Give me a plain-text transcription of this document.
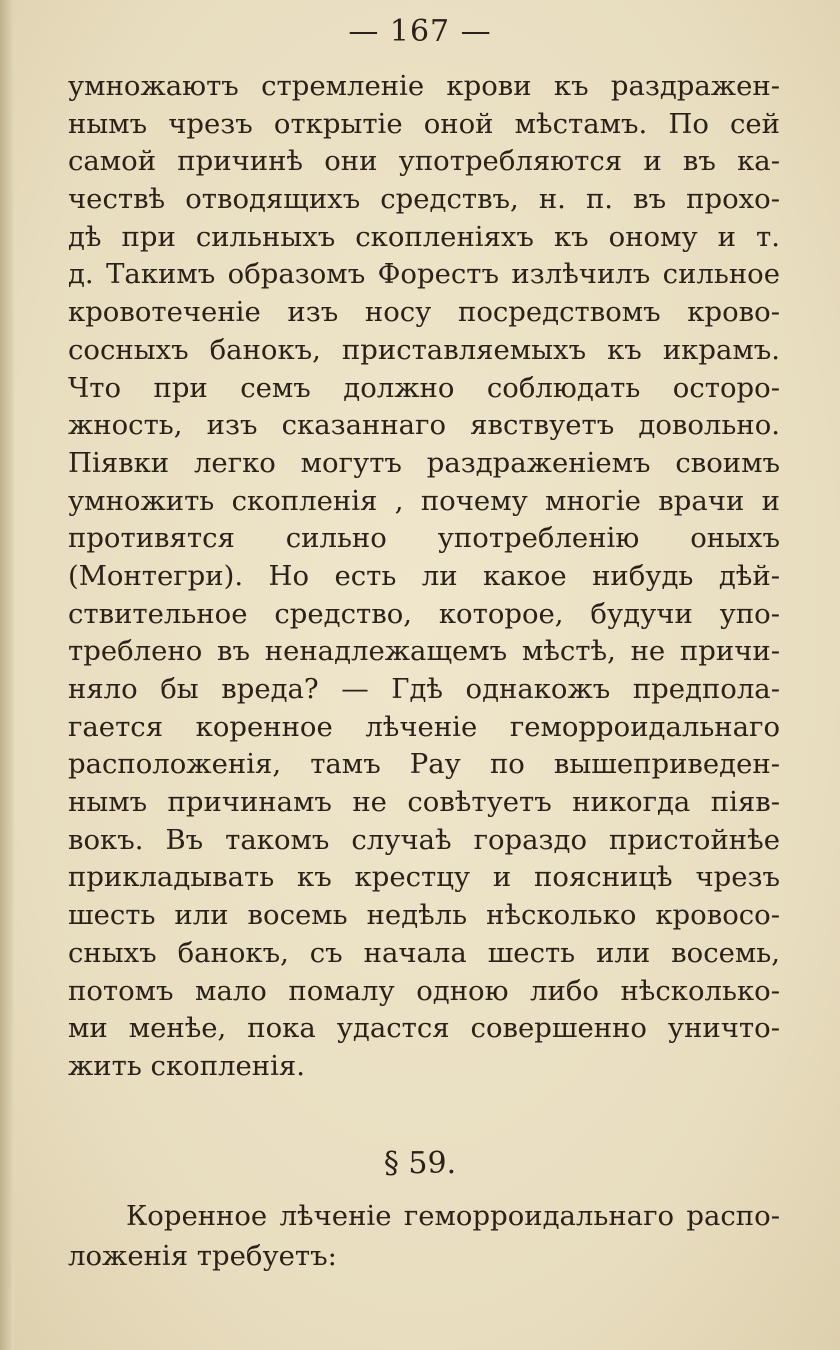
— 167 —
умножаютъ стремленіе крови къ раздражен-
нымъ чрезъ открытіе оной мѣстамъ. По сей
самой причинѣ они употребляются и въ ка-
чествѣ отводящихъ средствъ, н. п. въ прохо-
дѣ при сильныхъ скопленіяхъ къ оному и т.
д. Такимъ образомъ Форестъ излѣчилъ сильное
кровотеченіе изъ носу посредствомъ крово-
сосныхъ банокъ, приставляемыхъ къ икрамъ.
Что при семъ должно соблюдать осторо-
жность, изъ сказаннаго явствуетъ довольно.
Піявки легко могутъ раздраженіемъ своимъ
умножить скопленія , почему многіе врачи и
противятся сильно употребленію оныхъ
(Монтегри). Но есть ли какое нибудь дѣй-
ствительное средство, которое, будучи упо-
треблено въ ненадлежащемъ мѣстѣ, не причи-
няло бы вреда? — Гдѣ однакожъ предпола-
гается коренное лѣченіе геморроидальнаго
расположенія, тамъ Рау по вышеприведен-
нымъ причинамъ не совѣтуетъ никогда піяв-
вокъ. Въ такомъ случаѣ гораздо пристойнѣе
прикладывать къ крестцу и поясницѣ чрезъ
шесть или восемь недѣль нѣсколько кровосо-
сныхъ банокъ, съ начала шесть или восемь,
потомъ мало помалу одною либо нѣсколько-
ми менѣе, пока удастся совершенно уничто-
жить скопленія.
§ 59.
Коренное лѣченіе геморроидальнаго распо-
ложенія требуетъ:
